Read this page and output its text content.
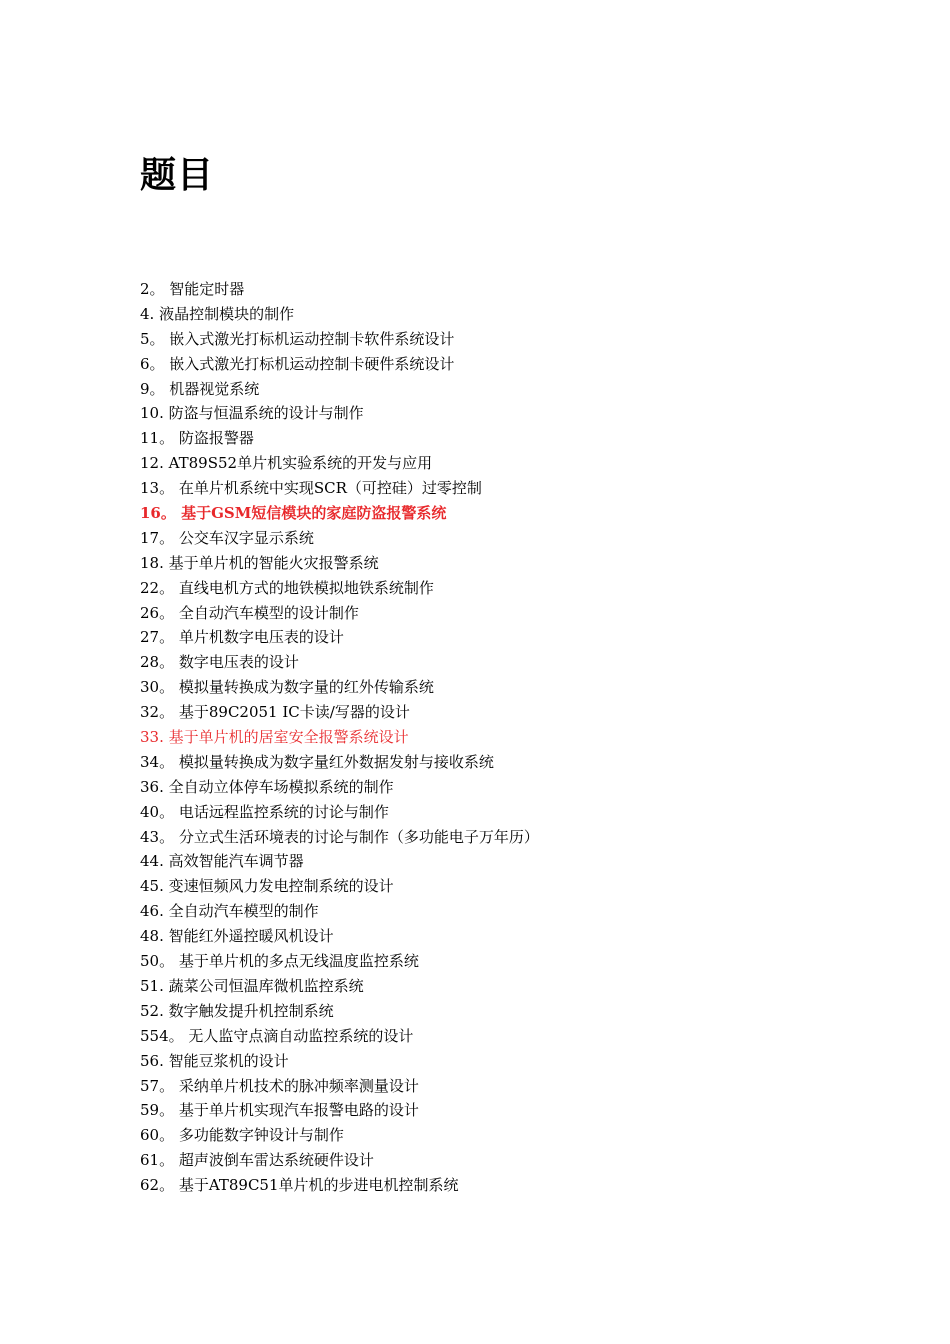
题目
2。 智能定时器
4. 液晶控制模块的制作
5。 嵌入式激光打标机运动控制卡软件系统设计
6。 嵌入式激光打标机运动控制卡硬件系统设计
9。 机器视觉系统
10. 防盗与恒温系统的设计与制作
11。 防盗报警器
12. AT89S52单片机实验系统的开发与应用
13。 在单片机系统中实现SCR（可控硅）过零控制
16。 基于GSM短信模块的家庭防盗报警系统
17。 公交车汉字显示系统
18. 基于单片机的智能火灾报警系统
22。 直线电机方式的地铁模拟地铁系统制作
26。 全自动汽车模型的设计制作
27。 单片机数字电压表的设计
28。 数字电压表的设计
30。 模拟量转换成为数字量的红外传输系统
32。 基于89C2051 IC卡读/写器的设计
33. 基于单片机的居室安全报警系统设计
34。 模拟量转换成为数字量红外数据发射与接收系统
36. 全自动立体停车场模拟系统的制作
40。 电话远程监控系统的讨论与制作
43。 分立式生活环境表的讨论与制作（多功能电子万年历）
44. 高效智能汽车调节器
45. 变速恒频风力发电控制系统的设计
46. 全自动汽车模型的制作
48. 智能红外遥控暖风机设计
50。 基于单片机的多点无线温度监控系统
51. 蔬菜公司恒温库微机监控系统
52. 数字触发提升机控制系统
554。 无人监守点滴自动监控系统的设计
56. 智能豆浆机的设计
57。 采纳单片机技术的脉冲频率测量设计
59。 基于单片机实现汽车报警电路的设计
60。 多功能数字钟设计与制作
61。 超声波倒车雷达系统硬件设计
62。 基于AT89C51单片机的步进电机控制系统
